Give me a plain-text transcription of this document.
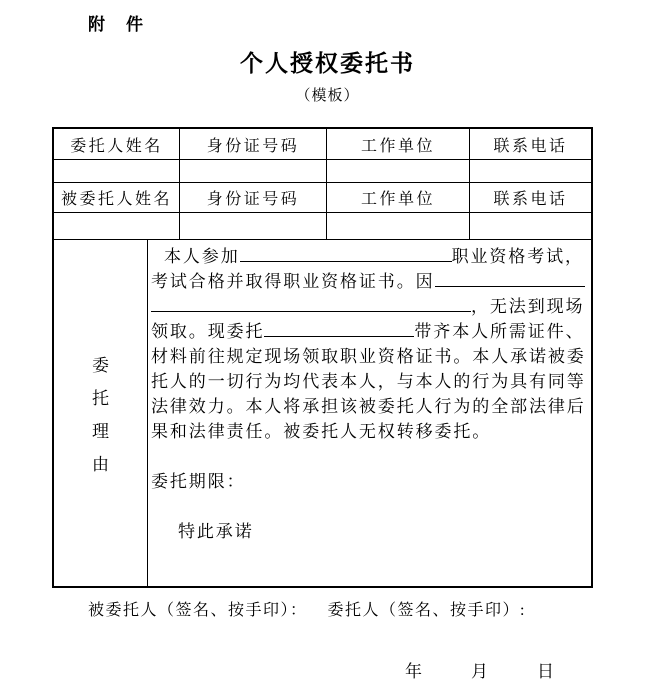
附　件
个人授权委托书
（模板）
委托人姓名	身份证号码	工作单位	联系电话
被委托人姓名	身份证号码	工作单位	联系电话
委
托
理
由
本人参加	职业资格考试，
考试合格并取得职业资格证书。因
，无法到现场
领取。现委托	带齐本人所需证件、
材料前往规定现场领取职业资格证书。本人承诺被委
托人的一切行为均代表本人，与本人的行为具有同等
法律效力。本人将承担该被委托人行为的全部法律后
果和法律责任。被委托人无权转移委托。
委托期限：
特此承诺
被委托人（签名、按手印）： 委托人（签名、按手印）:
年	月	日
